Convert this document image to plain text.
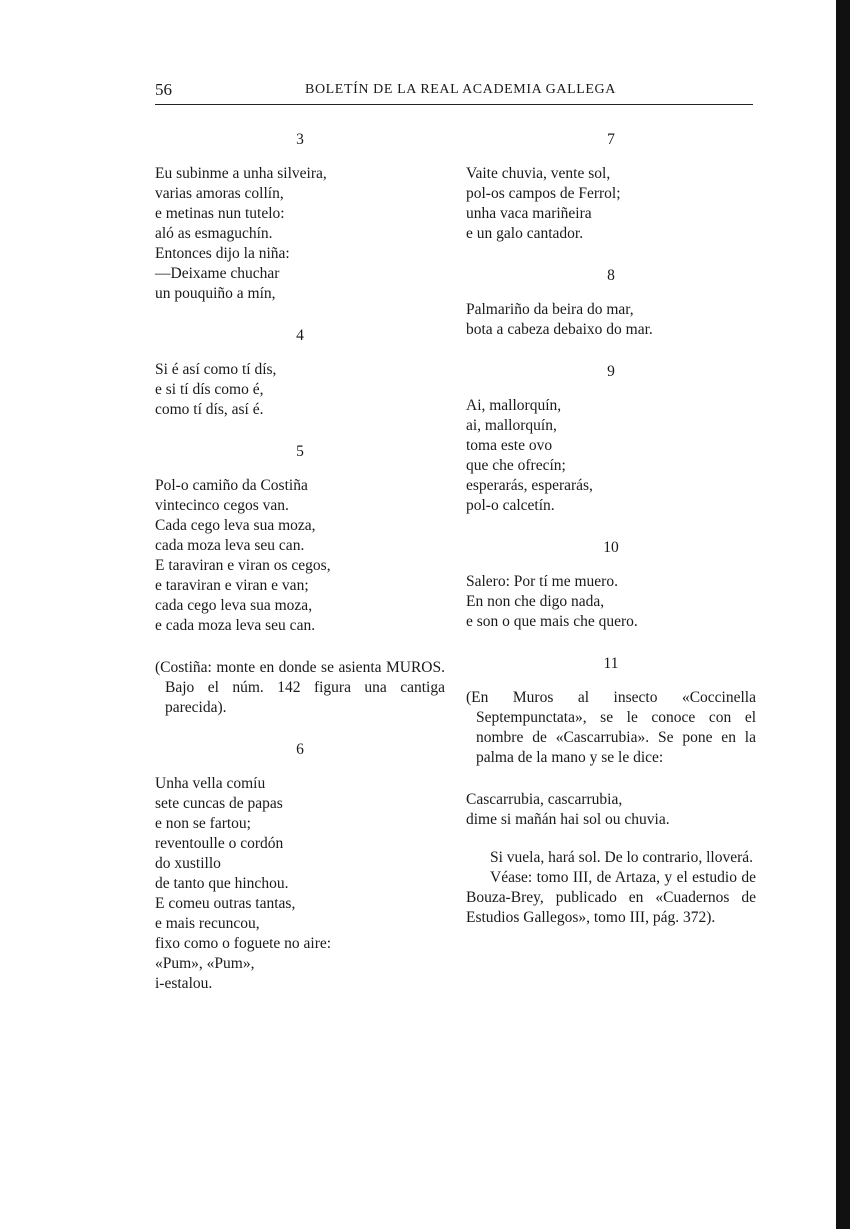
56	BOLETÍN DE LA REAL ACADEMIA GALLEGA
3
Eu subinme a unha silveira,
varias amoras collín,
e metinas nun tutelo:
aló as esmaguchín.
Entonces dijo la niña:
—Deixame chuchar
un pouquiño a mín,
4
Si é así como tí dís,
e si tí dís como é,
como tí dís, así é.
5
Pol-o camiño da Costiña
vintecinco cegos van.
Cada cego leva sua moza,
cada moza leva seu can.
E taraviran e viran os cegos,
e taraviran e viran e van;
cada cego leva sua moza,
e cada moza leva seu can.
(Costiña: monte en donde se asienta MUROS. Bajo el núm. 142 figura una cantiga parecida).
6
Unha vella comíu
sete cuncas de papas
e non se fartou;
reventoulle o cordón
do xustillo
de tanto que hinchou.
E comeu outras tantas,
e mais recuncou,
fixo como o foguete no aire:
«Pum», «Pum»,
i-estalou.
7
Vaite chuvia, vente sol,
pol-os campos de Ferrol;
unha vaca mariñeira
e un galo cantador.
8
Palmariño da beira do mar,
bota a cabeza debaixo do mar.
9
Ai, mallorquín,
ai, mallorquín,
toma este ovo
que che ofrecín;
esperarás, esperarás,
pol-o calcetín.
10
Salero: Por tí me muero.
En non che digo nada,
e son o que mais che quero.
11
(En Muros al insecto «Coccinella Septempunctata», se le conoce con el nombre de «Cascarrubia». Se pone en la palma de la mano y se le dice:
Cascarrubia, cascarrubia,
dime si mañán hai sol ou chuvia.
Si vuela, hará sol. De lo contrario, lloverá.
Véase: tomo III, de Artaza, y el estudio de Bouza-Brey, publicado en «Cuadernos de Estudios Gallegos», tomo III, pág. 372).
